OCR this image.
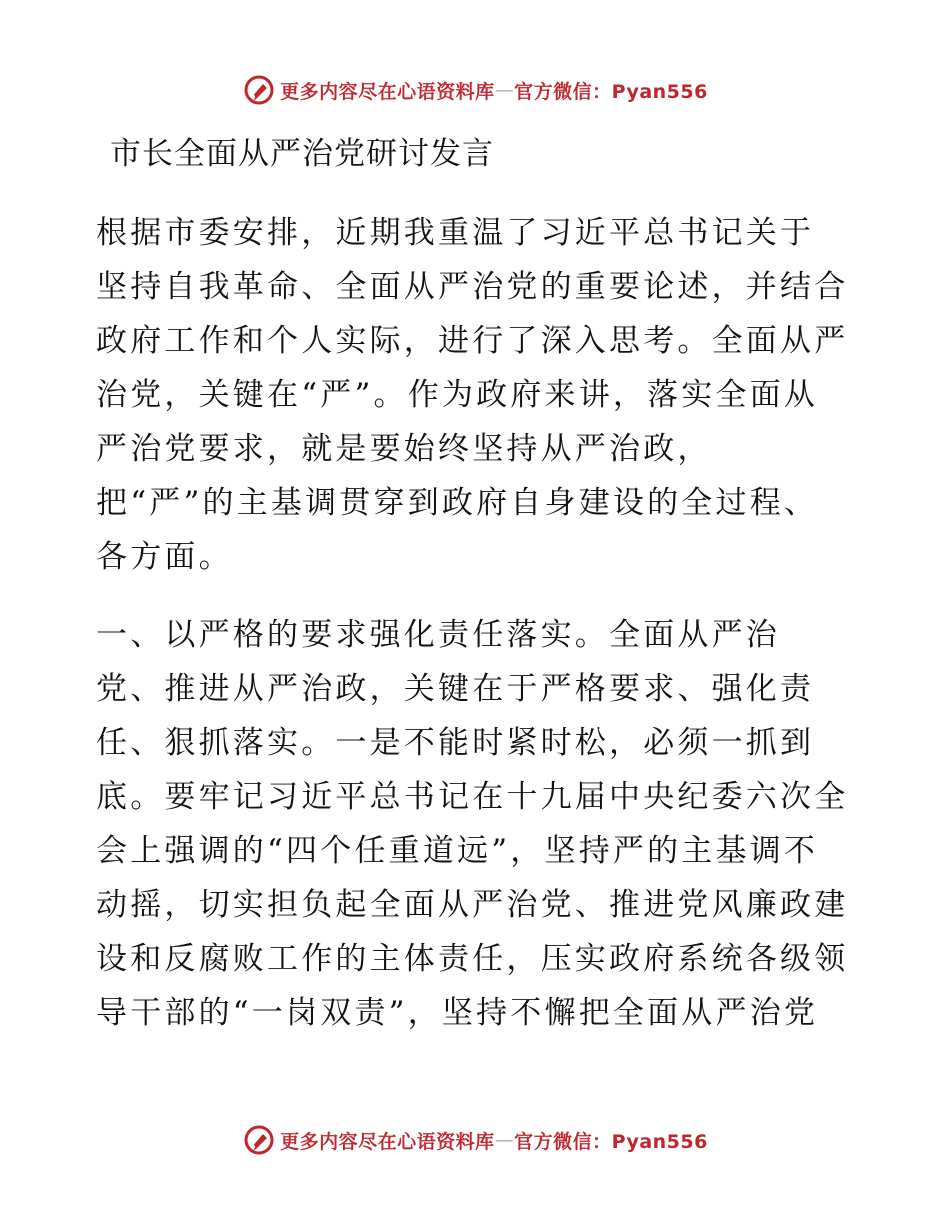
更多内容尽在心语资料库 — 官方微信：Pyan556
市长全面从严治党研讨发言

根据市委安排，近期我重温了习近平总书记关于
坚持自我革命、全面从严治党的重要论述，并结合
政府工作和个人实际，进行了深入思考。全面从严
治党，关键在“严”。作为政府来讲，落实全面从
严治党要求，就是要始终坚持从严治政，
把“严”的主基调贯穿到政府自身建设的全过程、
各方面。

一、以严格的要求强化责任落实。全面从严治
党、推进从严治政，关键在于严格要求、强化责
任、狠抓落实。一是不能时紧时松，必须一抓到
底。要牢记习近平总书记在十九届中央纪委六次全
会上强调的“四个任重道远”，坚持严的主基调不
动摇，切实担负起全面从严治党、推进党风廉政建
设和反腐败工作的主体责任，压实政府系统各级领
导干部的“一岗双责”，坚持不懈把全面从严治党

更多内容尽在心语资料库 — 官方微信：Pyan556
